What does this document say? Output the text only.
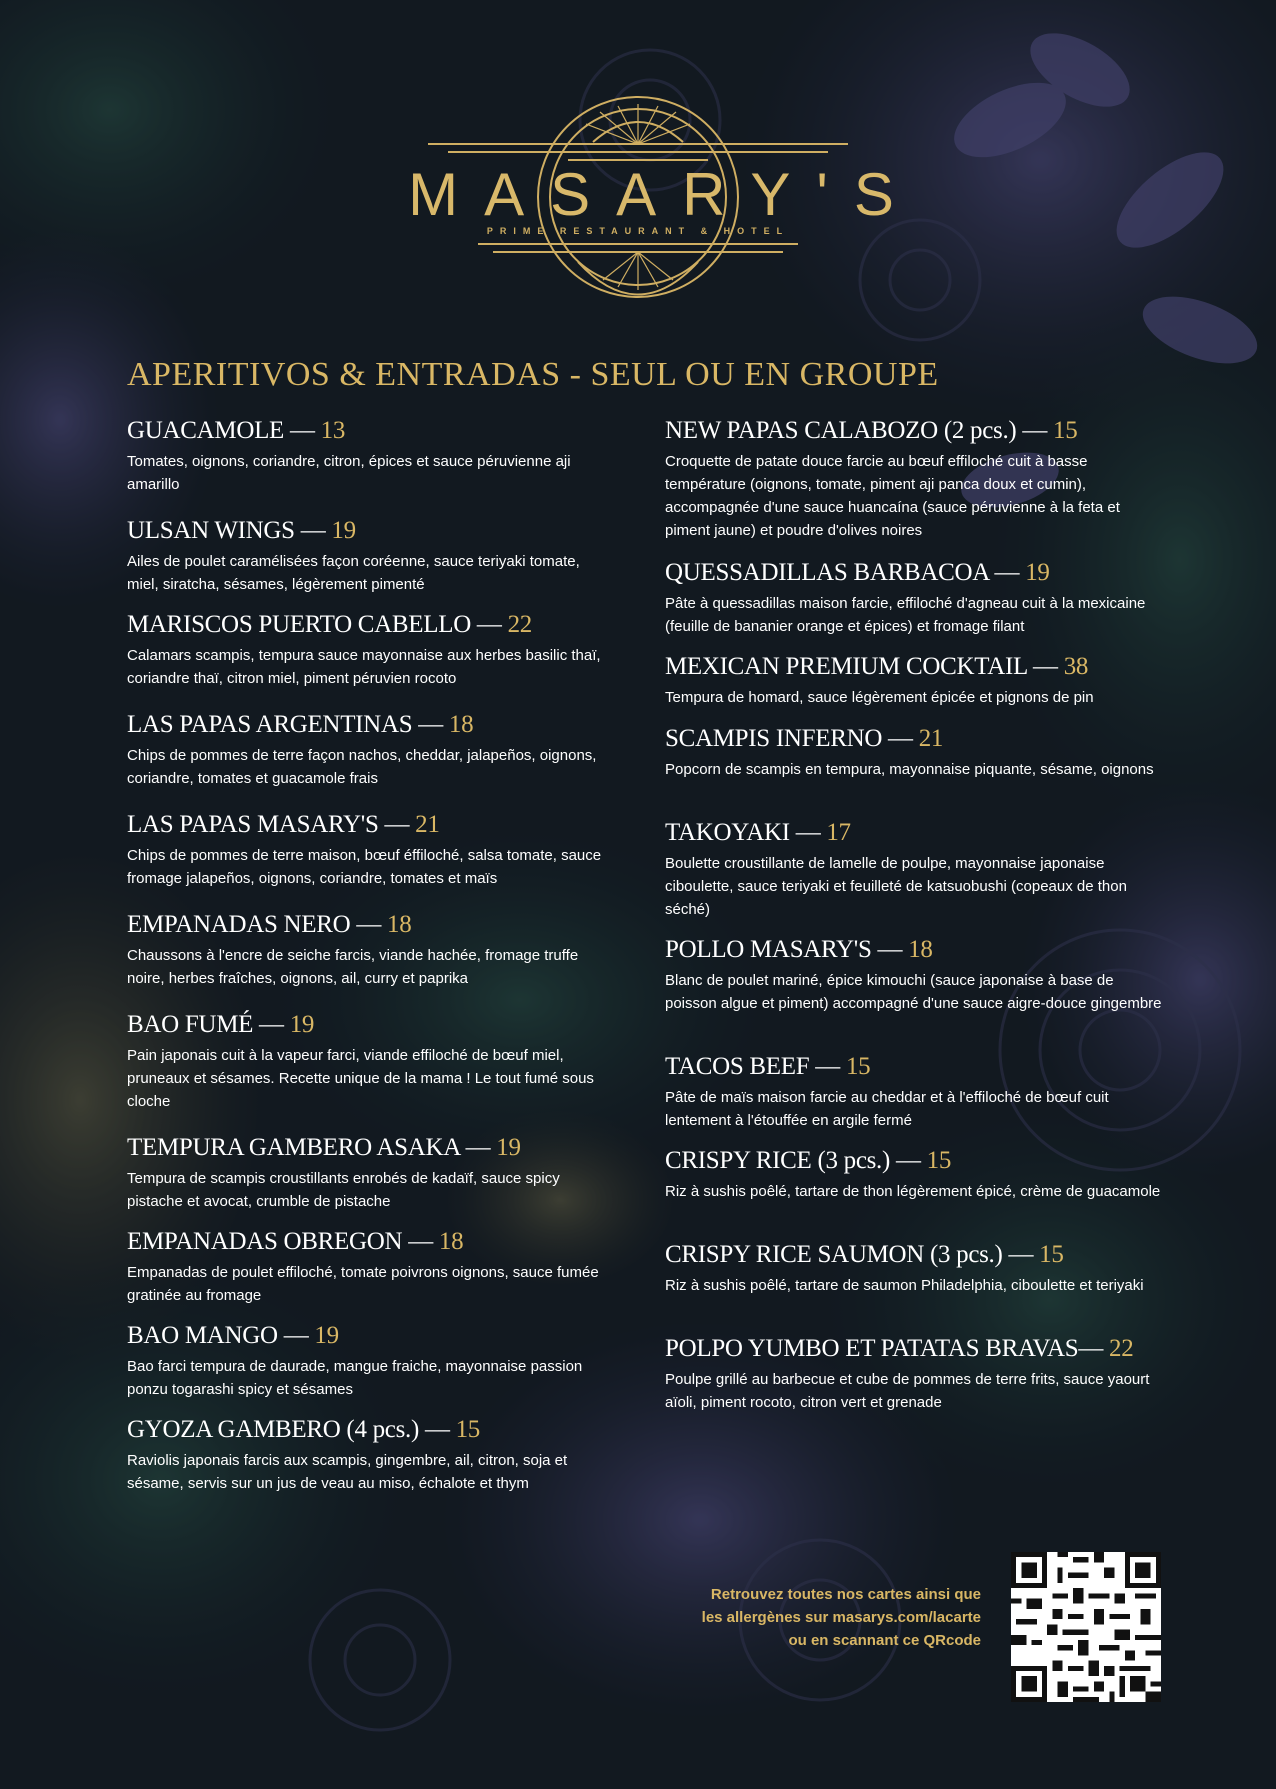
MASARY'S
PRIME RESTAURANT & HOTEL
APERITIVOS & ENTRADAS - SEUL OU EN GROUPE
GUACAMOLE — 13
Tomates, oignons, coriandre, citron, épices et sauce péruvienne aji amarillo
ULSAN WINGS — 19
Ailes de poulet caramélisées façon coréenne, sauce teriyaki tomate, miel, siratcha, sésames, légèrement pimenté
MARISCOS PUERTO CABELLO — 22
Calamars scampis, tempura sauce mayonnaise aux herbes basilic thaï, coriandre thaï, citron miel, piment péruvien rocoto
LAS PAPAS ARGENTINAS — 18
Chips de pommes de terre façon nachos, cheddar, jalapeños, oignons, coriandre, tomates et guacamole frais
LAS PAPAS MASARY'S — 21
Chips de pommes de terre maison, bœuf éffiloché, salsa tomate, sauce fromage jalapeños, oignons, coriandre, tomates et maïs
EMPANADAS NERO — 18
Chaussons à l'encre de seiche farcis, viande hachée, fromage truffe noire, herbes fraîches, oignons, ail, curry et paprika
BAO FUMÉ — 19
Pain japonais cuit à la vapeur farci, viande effiloché de bœuf miel, pruneaux et sésames. Recette unique de la mama ! Le tout fumé sous cloche
TEMPURA GAMBERO ASAKA — 19
Tempura de scampis croustillants enrobés de kadaïf, sauce spicy pistache et avocat, crumble de pistache
EMPANADAS OBREGON — 18
Empanadas de poulet effiloché, tomate poivrons oignons, sauce fumée gratinée au fromage
BAO MANGO — 19
Bao farci tempura de daurade, mangue fraiche, mayonnaise passion ponzu togarashi spicy et sésames
GYOZA GAMBERO (4 pcs.) — 15
Raviolis japonais farcis aux scampis, gingembre, ail, citron, soja et sésame, servis sur un jus de veau au miso, échalote et thym
NEW PAPAS CALABOZO (2 pcs.) — 15
Croquette de patate douce farcie au bœuf effiloché cuit à basse température (oignons, tomate, piment aji panca doux et cumin), accompagnée d'une sauce huancaína (sauce péruvienne à la feta et piment jaune) et poudre d'olives noires
QUESSADILLAS BARBACOA — 19
Pâte à quessadillas maison farcie, effiloché d'agneau cuit à la mexicaine (feuille de bananier orange et épices) et fromage filant
MEXICAN PREMIUM COCKTAIL — 38
Tempura de homard, sauce légèrement épicée et pignons de pin
SCAMPIS INFERNO — 21
Popcorn de scampis en tempura, mayonnaise piquante, sésame, oignons
TAKOYAKI — 17
Boulette croustillante de lamelle de poulpe, mayonnaise japonaise ciboulette, sauce teriyaki et feuilleté de katsuobushi (copeaux de thon séché)
POLLO MASARY'S — 18
Blanc de poulet mariné, épice kimouchi (sauce japonaise à base de poisson algue et piment) accompagné d'une sauce aigre-douce gingembre
TACOS BEEF — 15
Pâte de maïs maison farcie au cheddar et à l'effiloché de bœuf cuit lentement à l'étouffée en argile fermé
CRISPY RICE (3 pcs.) — 15
Riz à sushis poêlé, tartare de thon légèrement épicé, crème de guacamole
CRISPY RICE SAUMON (3 pcs.) — 15
Riz à sushis poêlé, tartare de saumon Philadelphia, ciboulette et teriyaki
POLPO YUMBO ET PATATAS BRAVAS— 22
Poulpe grillé au barbecue et cube de pommes de terre frits, sauce yaourt aïoli, piment rocoto, citron vert et grenade
Retrouvez toutes nos cartes ainsi que
les allergènes sur masarys.com/lacarte
ou en scannant ce QRcode
